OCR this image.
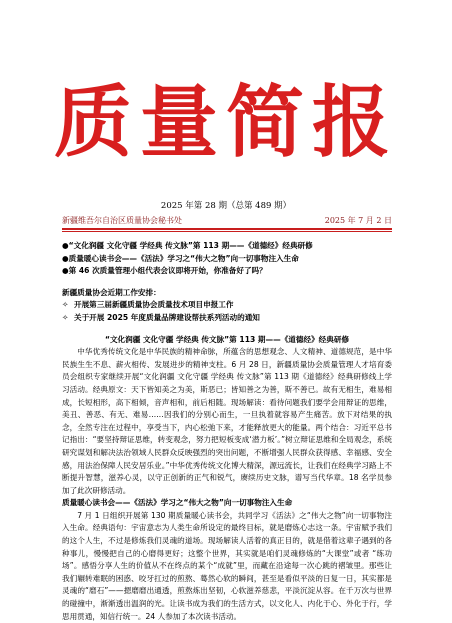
质量简报
2025 年第 28 期（总第 489 期）
新疆维吾尔自治区质量协会秘书处	2025 年 7 月 2 日

●“文化润疆 文化守疆 学经典 传文脉”第 113 期——《道德经》经典研修

●质量暖心读书会——《活法》学习之“伟大之物”向一切事物注入生命

●第 46 次质量管理小组代表会议即将开始，你准备好了吗？

新疆质量协会近期工作安排：

✧ 开展第三届新疆质量协会质量技术项目申报工作

✧ 关于开展 2025 年度质量品牌建设帮扶系列活动的通知

“文化润疆 文化守疆 学经典 传文脉”第 113 期——《道德经》经典研修

中华优秀传统文化是中华民族的精神命脉，所蕴含的思想观念、人文精神、道德规范，是中华民族生生不息、薪火相传、发展进步的精神支柱。6 月 28 日，新疆质量协会质量管理人才培育委员会组织专家继续开展“文化润疆 文化守疆 学经典 传文脉”第 113 期《道德经》经典研修线上学习活动。经典原文：天下皆知美之为美，斯恶已；皆知善之为善，斯不善已。故有无相生，难易相成，长短相形，高下相倾，音声相和，前后相随。现场解读：看待问题我们要学会用辩证的思维，美丑、善恶、有无、难易……因我们的分别心而生，一旦执着就容易产生痛苦。放下对结果的执念，全然专注在过程中，享受当下，内心松弛下来，才能释放更大的能量。两个结合：习近平总书记指出：“要坚持辩证思维，转变观念，努力把短板变成‘潜力板’。”树立辩证思维和全局观念，系统研究谋划和解决法治领域人民群众反映强烈的突出问题，不断增强人民群众获得感、幸福感、安全感，用法治保障人民安居乐业。”中华优秀传统文化博大精深，源远流长，让我们在经典学习路上不断提升智慧，滋养心灵，以守正创新的正气和锐气，赓续历史文脉，谱写当代华章。18 名学员参加了此次研修活动。

质量暖心读书会——《活法》学习之“伟大之物”向一切事物注入生命

7 月 1 日组织开展第 130 期质量暖心读书会，共同学习《活法》之“伟大之物”向一切事物注入生命。经典语句：宇宙意志为人类生命所设定的最终目标，就是磨炼心志这一条。宇宙赋予我们的这个人生，不过是修炼我们灵魂的道场。现场解读人活着的真正目的，就是借着这辈子遇到的各种事儿，慢慢把自己的心磨得更好；这整个世界，其实就是咱们灵魂修炼的“大课堂”或者 “练功场”。感悟分享人生的价值从不在终点的某个“成就”里，而藏在沿途每一次心跳的褶皱里。那些让我们辗转难眠的困惑、咬牙扛过的煎熬、蓦然心软的瞬间，甚至是看似平淡的日复一日，其实都是灵魂的“磨石”——摁磨磨出通透，煎熬炼出坚韧，心软滋养慈悲，平淡沉淀从容。在千万次与世界的碰撞中，渐渐透出温润的光。让读书成为我们的生活方式，以文化人、内化于心、外化于行，学思用贯通，知信行统一。24 人参加了本次读书活动。
